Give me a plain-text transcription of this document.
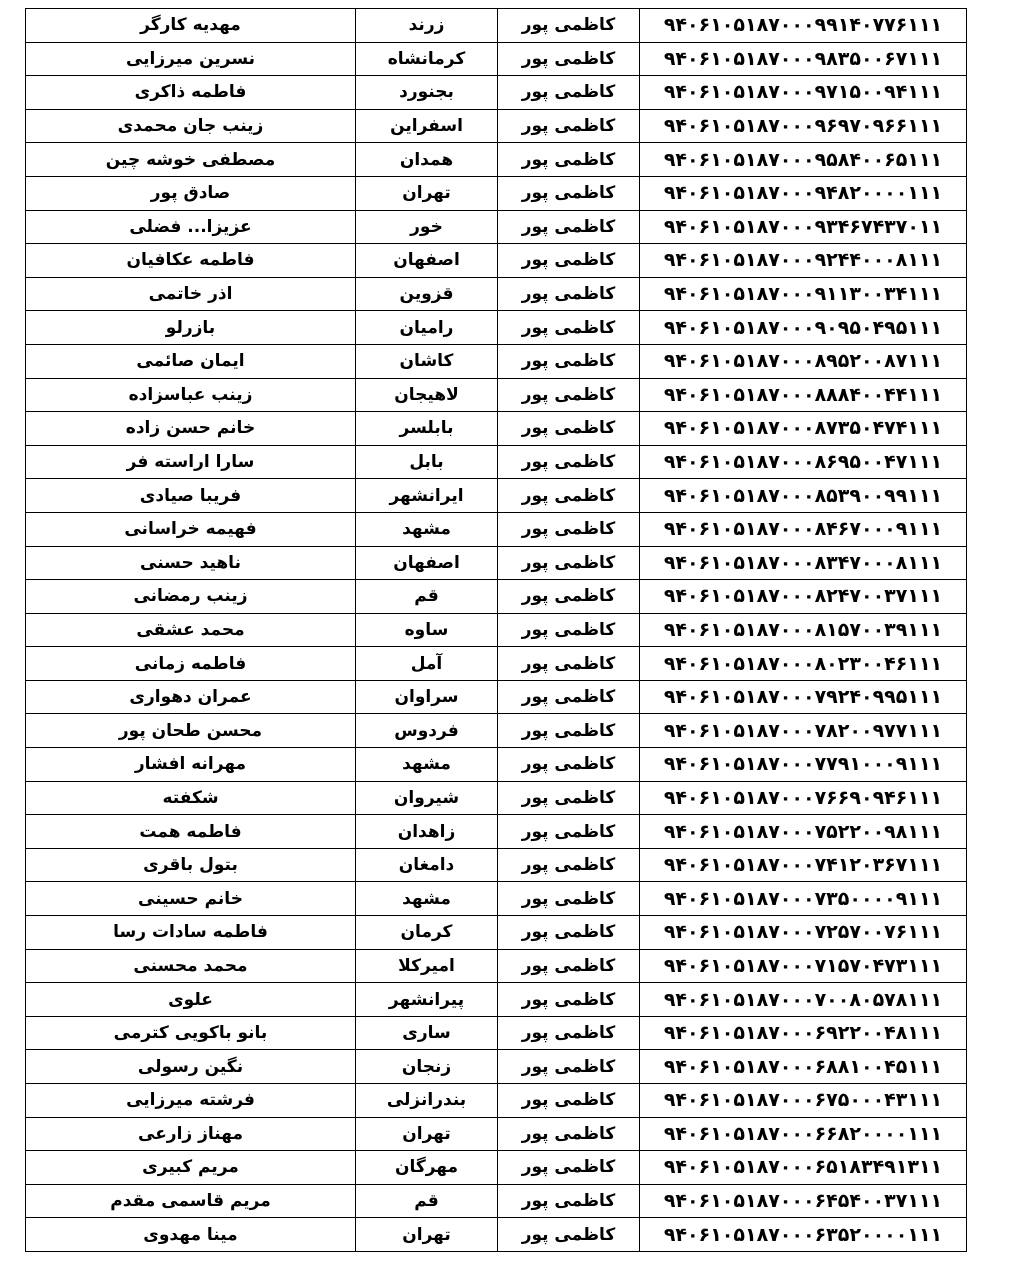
۹۴۰۶۱۰۵۱۸۷۰۰۰۹۹۱۴۰۷۷۶۱۱۱	کاظمی پور	زرند	مهدیه کارگر
۹۴۰۶۱۰۵۱۸۷۰۰۰۹۸۳۵۰۰۶۷۱۱۱	کاظمی پور	کرمانشاه	نسرین میرزایی
۹۴۰۶۱۰۵۱۸۷۰۰۰۹۷۱۵۰۰۹۴۱۱۱	کاظمی پور	بجنورد	فاطمه ذاکری
۹۴۰۶۱۰۵۱۸۷۰۰۰۹۶۹۷۰۹۶۶۱۱۱	کاظمی پور	اسفراین	زینب جان محمدی
۹۴۰۶۱۰۵۱۸۷۰۰۰۹۵۸۴۰۰۶۵۱۱۱	کاظمی پور	همدان	مصطفی خوشه چین
۹۴۰۶۱۰۵۱۸۷۰۰۰۹۴۸۲۰۰۰۰۱۱۱	کاظمی پور	تهران	صادق پور
۹۴۰۶۱۰۵۱۸۷۰۰۰۹۳۴۶۷۴۳۷۰۱۱	کاظمی پور	خور	عزیزا... فضلی
۹۴۰۶۱۰۵۱۸۷۰۰۰۹۲۴۴۰۰۰۸۱۱۱	کاظمی پور	اصفهان	فاطمه عکافیان
۹۴۰۶۱۰۵۱۸۷۰۰۰۹۱۱۳۰۰۳۴۱۱۱	کاظمی پور	قزوین	اذر خاتمی
۹۴۰۶۱۰۵۱۸۷۰۰۰۹۰۹۵۰۴۹۵۱۱۱	کاظمی پور	رامیان	بازرلو
۹۴۰۶۱۰۵۱۸۷۰۰۰۸۹۵۲۰۰۸۷۱۱۱	کاظمی پور	کاشان	ایمان صائمی
۹۴۰۶۱۰۵۱۸۷۰۰۰۸۸۸۴۰۰۴۴۱۱۱	کاظمی پور	لاهیجان	زینب عباسزاده
۹۴۰۶۱۰۵۱۸۷۰۰۰۸۷۳۵۰۴۷۴۱۱۱	کاظمی پور	بابلسر	خانم حسن زاده
۹۴۰۶۱۰۵۱۸۷۰۰۰۸۶۹۵۰۰۴۷۱۱۱	کاظمی پور	بابل	سارا اراسته فر
۹۴۰۶۱۰۵۱۸۷۰۰۰۸۵۳۹۰۰۹۹۱۱۱	کاظمی پور	ایرانشهر	فریبا صیادی
۹۴۰۶۱۰۵۱۸۷۰۰۰۸۴۶۷۰۰۰۹۱۱۱	کاظمی پور	مشهد	فهیمه خراسانی
۹۴۰۶۱۰۵۱۸۷۰۰۰۸۳۴۷۰۰۰۸۱۱۱	کاظمی پور	اصفهان	ناهید حسنی
۹۴۰۶۱۰۵۱۸۷۰۰۰۸۲۴۷۰۰۳۷۱۱۱	کاظمی پور	قم	زینب رمضانی
۹۴۰۶۱۰۵۱۸۷۰۰۰۸۱۵۷۰۰۳۹۱۱۱	کاظمی پور	ساوه	محمد عشقی
۹۴۰۶۱۰۵۱۸۷۰۰۰۸۰۲۳۰۰۴۶۱۱۱	کاظمی پور	آمل	فاطمه زمانی
۹۴۰۶۱۰۵۱۸۷۰۰۰۷۹۲۴۰۹۹۵۱۱۱	کاظمی پور	سراوان	عمران دهواری
۹۴۰۶۱۰۵۱۸۷۰۰۰۷۸۲۰۰۹۷۷۱۱۱	کاظمی پور	فردوس	محسن طحان پور
۹۴۰۶۱۰۵۱۸۷۰۰۰۷۷۹۱۰۰۰۹۱۱۱	کاظمی پور	مشهد	مهرانه افشار
۹۴۰۶۱۰۵۱۸۷۰۰۰۷۶۶۹۰۹۴۶۱۱۱	کاظمی پور	شیروان	شکفته
۹۴۰۶۱۰۵۱۸۷۰۰۰۷۵۲۲۰۰۹۸۱۱۱	کاظمی پور	زاهدان	فاطمه همت
۹۴۰۶۱۰۵۱۸۷۰۰۰۷۴۱۲۰۳۶۷۱۱۱	کاظمی پور	دامغان	بتول باقری
۹۴۰۶۱۰۵۱۸۷۰۰۰۷۳۵۰۰۰۰۹۱۱۱	کاظمی پور	مشهد	خانم حسینی
۹۴۰۶۱۰۵۱۸۷۰۰۰۷۲۵۷۰۰۷۶۱۱۱	کاظمی پور	کرمان	فاطمه سادات رسا
۹۴۰۶۱۰۵۱۸۷۰۰۰۷۱۵۷۰۴۷۳۱۱۱	کاظمی پور	امیرکلا	محمد محسنی
۹۴۰۶۱۰۵۱۸۷۰۰۰۷۰۰۸۰۵۷۸۱۱۱	کاظمی پور	پیرانشهر	علوی
۹۴۰۶۱۰۵۱۸۷۰۰۰۶۹۲۲۰۰۴۸۱۱۱	کاظمی پور	ساری	بانو باکویی کترمی
۹۴۰۶۱۰۵۱۸۷۰۰۰۶۸۸۱۰۰۴۵۱۱۱	کاظمی پور	زنجان	نگین رسولی
۹۴۰۶۱۰۵۱۸۷۰۰۰۶۷۵۰۰۰۴۳۱۱۱	کاظمی پور	بندرانزلی	فرشته میرزایی
۹۴۰۶۱۰۵۱۸۷۰۰۰۶۶۸۲۰۰۰۰۱۱۱	کاظمی پور	تهران	مهناز زارعی
۹۴۰۶۱۰۵۱۸۷۰۰۰۶۵۱۸۳۴۹۱۳۱۱	کاظمی پور	مهرگان	مریم کبیری
۹۴۰۶۱۰۵۱۸۷۰۰۰۶۴۵۴۰۰۳۷۱۱۱	کاظمی پور	قم	مریم قاسمی مقدم
۹۴۰۶۱۰۵۱۸۷۰۰۰۶۳۵۲۰۰۰۰۱۱۱	کاظمی پور	تهران	مینا مهدوی
